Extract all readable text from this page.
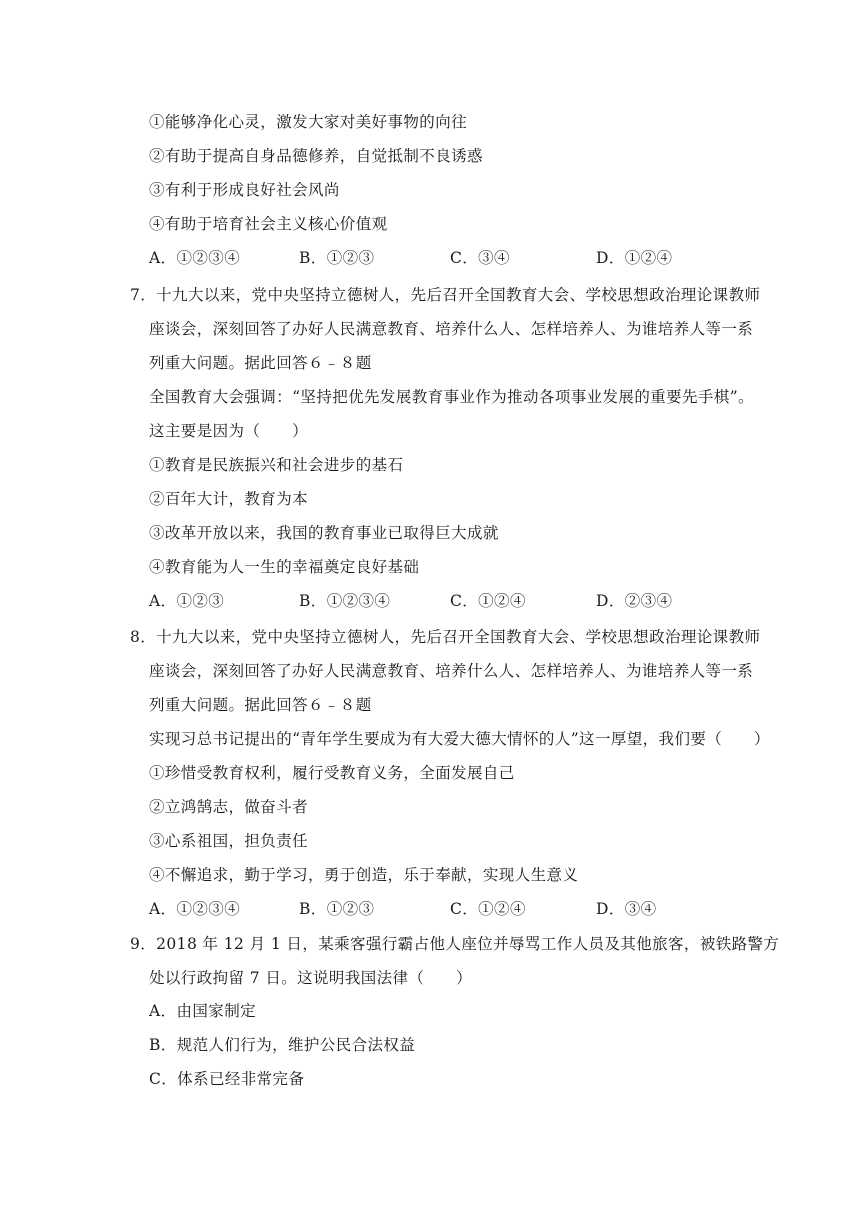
①能够净化心灵，激发大家对美好事物的向往
②有助于提高自身品德修养，自觉抵制不良诱惑
③有利于形成良好社会风尚
④有助于培育社会主义核心价值观
A．①②③④	B．①②③	C．③④	D．①②④
7．十九大以来，党中央坚持立德树人，先后召开全国教育大会、学校思想政治理论课教师
座谈会，深刻回答了办好人民满意教育、培养什么人、怎样培养人、为谁培养人等一系
列重大问题。据此回答６﹣８题
全国教育大会强调：“坚持把优先发展教育事业作为推动各项事业发展的重要先手棋”。
这主要是因为（　　）
①教育是民族振兴和社会进步的基石
②百年大计，教育为本
③改革开放以来，我国的教育事业已取得巨大成就
④教育能为人一生的幸福奠定良好基础
A．①②③	B．①②③④	C．①②④	D．②③④
8．十九大以来，党中央坚持立德树人，先后召开全国教育大会、学校思想政治理论课教师
座谈会，深刻回答了办好人民满意教育、培养什么人、怎样培养人、为谁培养人等一系
列重大问题。据此回答６﹣８题
实现习总书记提出的“青年学生要成为有大爱大德大情怀的人”这一厚望，我们要（　　）
①珍惜受教育权利，履行受教育义务，全面发展自己
②立鸿鹄志，做奋斗者
③心系祖国，担负责任
④不懈追求，勤于学习，勇于创造，乐于奉献，实现人生意义
A．①②③④	B．①②③	C．①②④	D．③④
9．2018 年 12 月 1 日，某乘客强行霸占他人座位并辱骂工作人员及其他旅客，被铁路警方
处以行政拘留 7 日。这说明我国法律（　　）
A．由国家制定
B．规范人们行为，维护公民合法权益
C．体系已经非常完备
